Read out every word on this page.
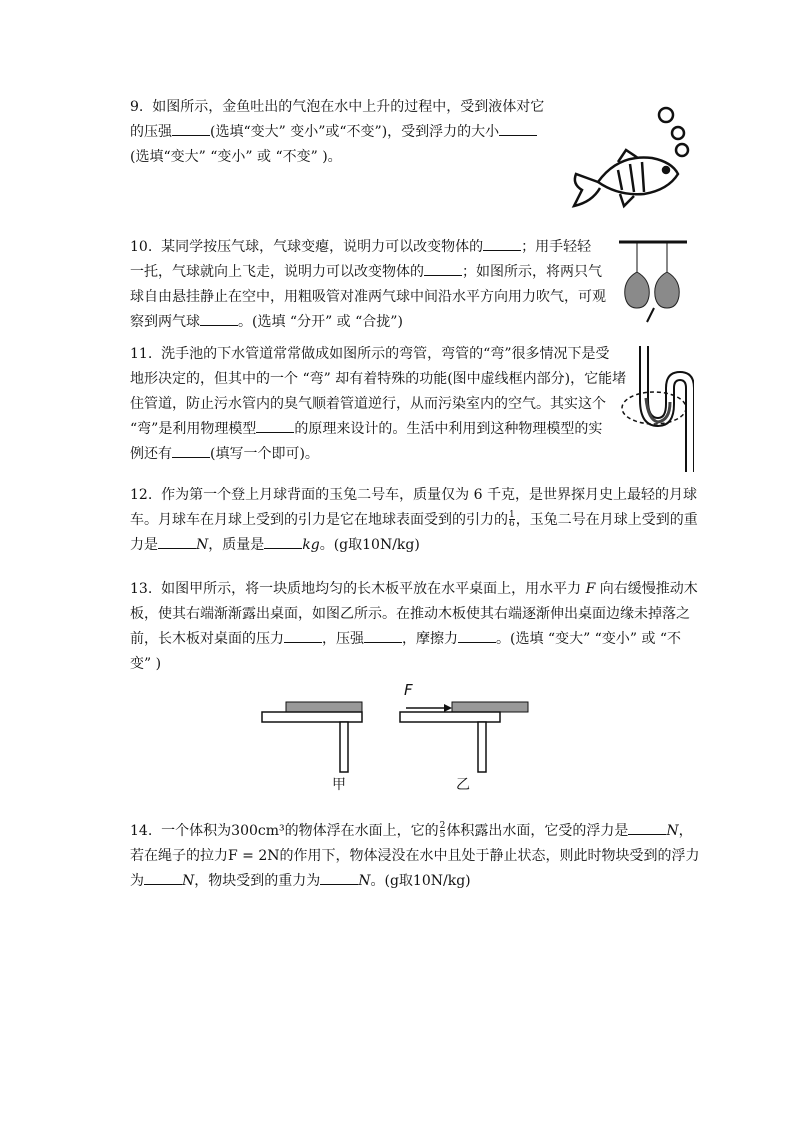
9.  如图所示，金鱼吐出的气泡在水中上升的过程中，受到液体对它
的压强	(选填“变大” 变小”或“不变”)，受到浮力的大小
(选填“变大” “变小” 或 “不变” )。
10.  某同学按压气球，气球变瘪，说明力可以改变物体的	；用手轻轻
一托，气球就向上飞走，说明力可以改变物体的	；如图所示，将两只气
球自由悬挂静止在空中，用粗吸管对准两气球中间沿水平方向用力吹气，可观
察到两气球	。(选填 “分开” 或 “合拢”)
11.  洗手池的下水管道常常做成如图所示的弯管，弯管的“弯”很多情况下是受
地形决定的，但其中的一个 “弯” 却有着特殊的功能(图中虚线框内部分)，它能堵
住管道，防止污水管内的臭气顺着管道逆行，从而污染室内的空气。其实这个
“弯”是利用物理模型	的原理来设计的。生活中利用到这种物理模型的实
例还有	(填写一个即可)。
12.  作为第一个登上月球背面的玉兔二号车，质量仅为 6 千克，是世界探月史上最轻的月球
车。月球车在月球上受到的引力是它在地球表面受到的引力的 $\frac{1}{6}$，玉兔二号在月球上受到的重
力是	N，质量是	kg。(g取10N/kg)
13.  如图甲所示，将一块质地均匀的长木板平放在水平桌面上，用水平力 F 向右缓慢推动木
板，使其右端渐渐露出桌面，如图乙所示。在推动木板使其右端逐渐伸出桌面边缘未掉落之
前，长木板对桌面的压力	，压强	，摩擦力	。(选填 “变大” “变小” 或 “不
变” )
F
甲	乙
14.  一个体积为300cm³的物体浮在水面上，它的 $\frac{2}{5}$体积露出水面，它受的浮力是	N，
若在绳子的拉力F = 2N的作用下，物体浸没在水中且处于静止状态，则此时物块受到的浮力
为	N，物块受到的重力为	N。(g取10N/kg)
